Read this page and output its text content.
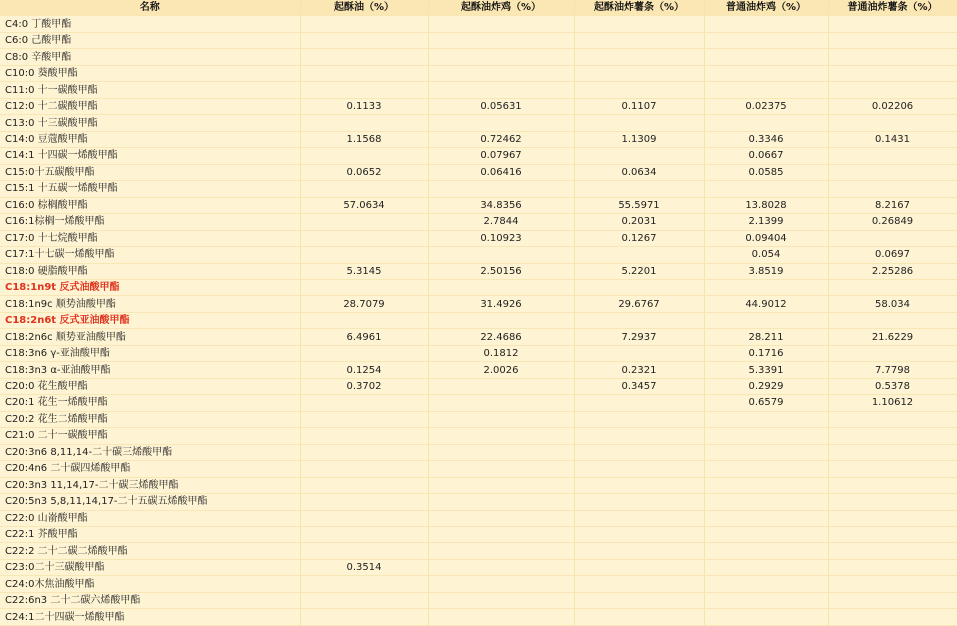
名称	起酥油（%）	起酥油炸鸡（%）	起酥油炸薯条（%）	普通油炸鸡（%）	普通油炸薯条（%）
C4:0 丁酸甲酯					
C6:0 己酸甲酯					
C8:0 辛酸甲酯					
C10:0 葵酸甲酯					
C11:0 十一碳酸甲酯					
C12:0 十二碳酸甲酯	0.1133	0.05631	0.1107	0.02375	0.02206
C13:0 十三碳酸甲酯					
C14:0 豆蔻酸甲酯	1.1568	0.72462	1.1309	0.3346	0.1431
C14:1 十四碳一烯酸甲酯		0.07967		0.0667	
C15:0十五碳酸甲酯	0.0652	0.06416	0.0634	0.0585	
C15:1 十五碳一烯酸甲酯					
C16:0 棕榈酸甲酯	57.0634	34.8356	55.5971	13.8028	8.2167
C16:1棕榈一烯酸甲酯		2.7844	0.2031	2.1399	0.26849
C17:0 十七烷酸甲酯		0.10923	0.1267	0.09404	
C17:1十七碳一烯酸甲酯				0.054	0.0697
C18:0 硬脂酸甲酯	5.3145	2.50156	5.2201	3.8519	2.25286
C18:1n9t 反式油酸甲酯					
C18:1n9c 顺势油酸甲酯	28.7079	31.4926	29.6767	44.9012	58.034
C18:2n6t 反式亚油酸甲酯					
C18:2n6c 顺势亚油酸甲酯	6.4961	22.4686	7.2937	28.211	21.6229
C18:3n6 γ-亚油酸甲酯		0.1812		0.1716	
C18:3n3 α-亚油酸甲酯	0.1254	2.0026	0.2321	5.3391	7.7798
C20:0 花生酸甲酯	0.3702		0.3457	0.2929	0.5378
C20:1 花生一烯酸甲酯				0.6579	1.10612
C20:2 花生二烯酸甲酯					
C21:0 二十一碳酸甲酯					
C20:3n6 8,11,14-二十碳三烯酸甲酯					
C20:4n6 二十碳四烯酸甲酯					
C20:3n3 11,14,17-二十碳三烯酸甲酯					
C20:5n3 5,8,11,14,17-二十五碳五烯酸甲酯					
C22:0 山嵛酸甲酯					
C22:1 芥酸甲酯					
C22:2 二十二碳二烯酸甲酯					
C23:0二十三碳酸甲酯	0.3514				
C24:0木焦油酸甲酯					
C22:6n3 二十二碳六烯酸甲酯					
C24:1二十四碳一烯酸甲酯					
